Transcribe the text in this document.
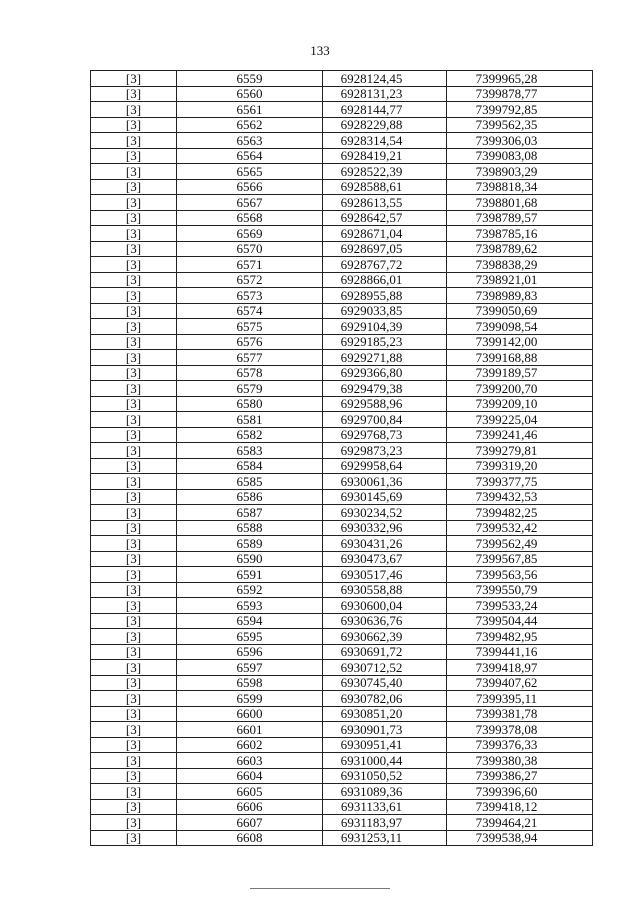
133
[3]	6559	6928124,45	7399965,28
[3]	6560	6928131,23	7399878,77
[3]	6561	6928144,77	7399792,85
[3]	6562	6928229,88	7399562,35
[3]	6563	6928314,54	7399306,03
[3]	6564	6928419,21	7399083,08
[3]	6565	6928522,39	7398903,29
[3]	6566	6928588,61	7398818,34
[3]	6567	6928613,55	7398801,68
[3]	6568	6928642,57	7398789,57
[3]	6569	6928671,04	7398785,16
[3]	6570	6928697,05	7398789,62
[3]	6571	6928767,72	7398838,29
[3]	6572	6928866,01	7398921,01
[3]	6573	6928955,88	7398989,83
[3]	6574	6929033,85	7399050,69
[3]	6575	6929104,39	7399098,54
[3]	6576	6929185,23	7399142,00
[3]	6577	6929271,88	7399168,88
[3]	6578	6929366,80	7399189,57
[3]	6579	6929479,38	7399200,70
[3]	6580	6929588,96	7399209,10
[3]	6581	6929700,84	7399225,04
[3]	6582	6929768,73	7399241,46
[3]	6583	6929873,23	7399279,81
[3]	6584	6929958,64	7399319,20
[3]	6585	6930061,36	7399377,75
[3]	6586	6930145,69	7399432,53
[3]	6587	6930234,52	7399482,25
[3]	6588	6930332,96	7399532,42
[3]	6589	6930431,26	7399562,49
[3]	6590	6930473,67	7399567,85
[3]	6591	6930517,46	7399563,56
[3]	6592	6930558,88	7399550,79
[3]	6593	6930600,04	7399533,24
[3]	6594	6930636,76	7399504,44
[3]	6595	6930662,39	7399482,95
[3]	6596	6930691,72	7399441,16
[3]	6597	6930712,52	7399418,97
[3]	6598	6930745,40	7399407,62
[3]	6599	6930782,06	7399395,11
[3]	6600	6930851,20	7399381,78
[3]	6601	6930901,73	7399378,08
[3]	6602	6930951,41	7399376,33
[3]	6603	6931000,44	7399380,38
[3]	6604	6931050,52	7399386,27
[3]	6605	6931089,36	7399396,60
[3]	6606	6931133,61	7399418,12
[3]	6607	6931183,97	7399464,21
[3]	6608	6931253,11	7399538,94
